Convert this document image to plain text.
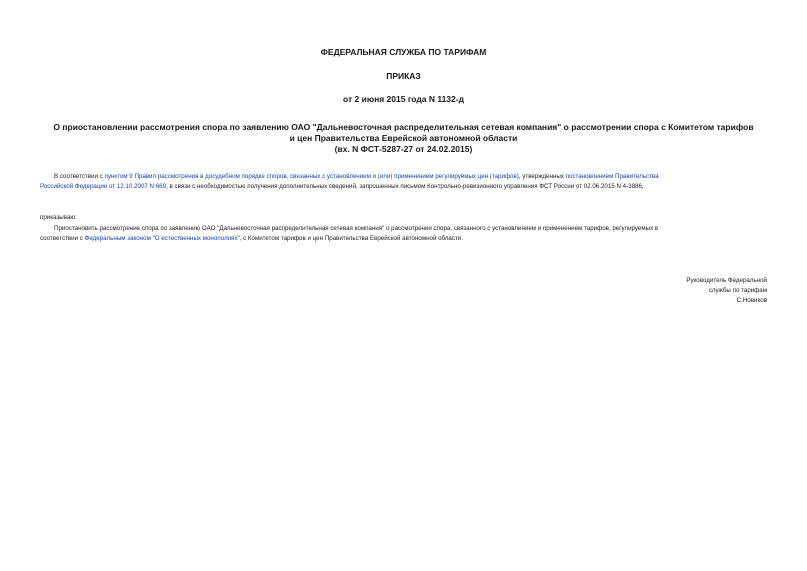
ФЕДЕРАЛЬНАЯ СЛУЖБА ПО ТАРИФАМ
ПРИКАЗ
от 2 июня 2015 года N 1132-д
О приостановлении рассмотрения спора по заявлению ОАО "Дальневосточная распределительная сетевая компания" о рассмотрении спора с Комитетом тарифов
и цен Правительства Еврейской автономной области
(вх. N ФСТ-5287-27 от 24.02.2015)
В соответствии с пунктом 9 Правил рассмотрения в досудебном порядке споров, связанных с установлением и (или) применением регулируемых цен (тарифов), утвержденных постановлением Правительства
Российской Федерации от 12.10.2007 N 669, в связи с необходимостью получения дополнительных сведений, запрошенных письмом Контрольно-ревизионного управления ФСТ России от 02.06.2015 N 4-3886,
приказываю:
Приостановить рассмотрение спора по заявлению ОАО "Дальневосточная распределительная сетевая компания" о рассмотрении спора, связанного с установлением и применением тарифов, регулируемых в
соответствии с Федеральным законом "О естественных монополиях", с Комитетом тарифов и цен Правительства Еврейской автономной области.
Руководитель Федеральной
службы по тарифам
С.Новиков
